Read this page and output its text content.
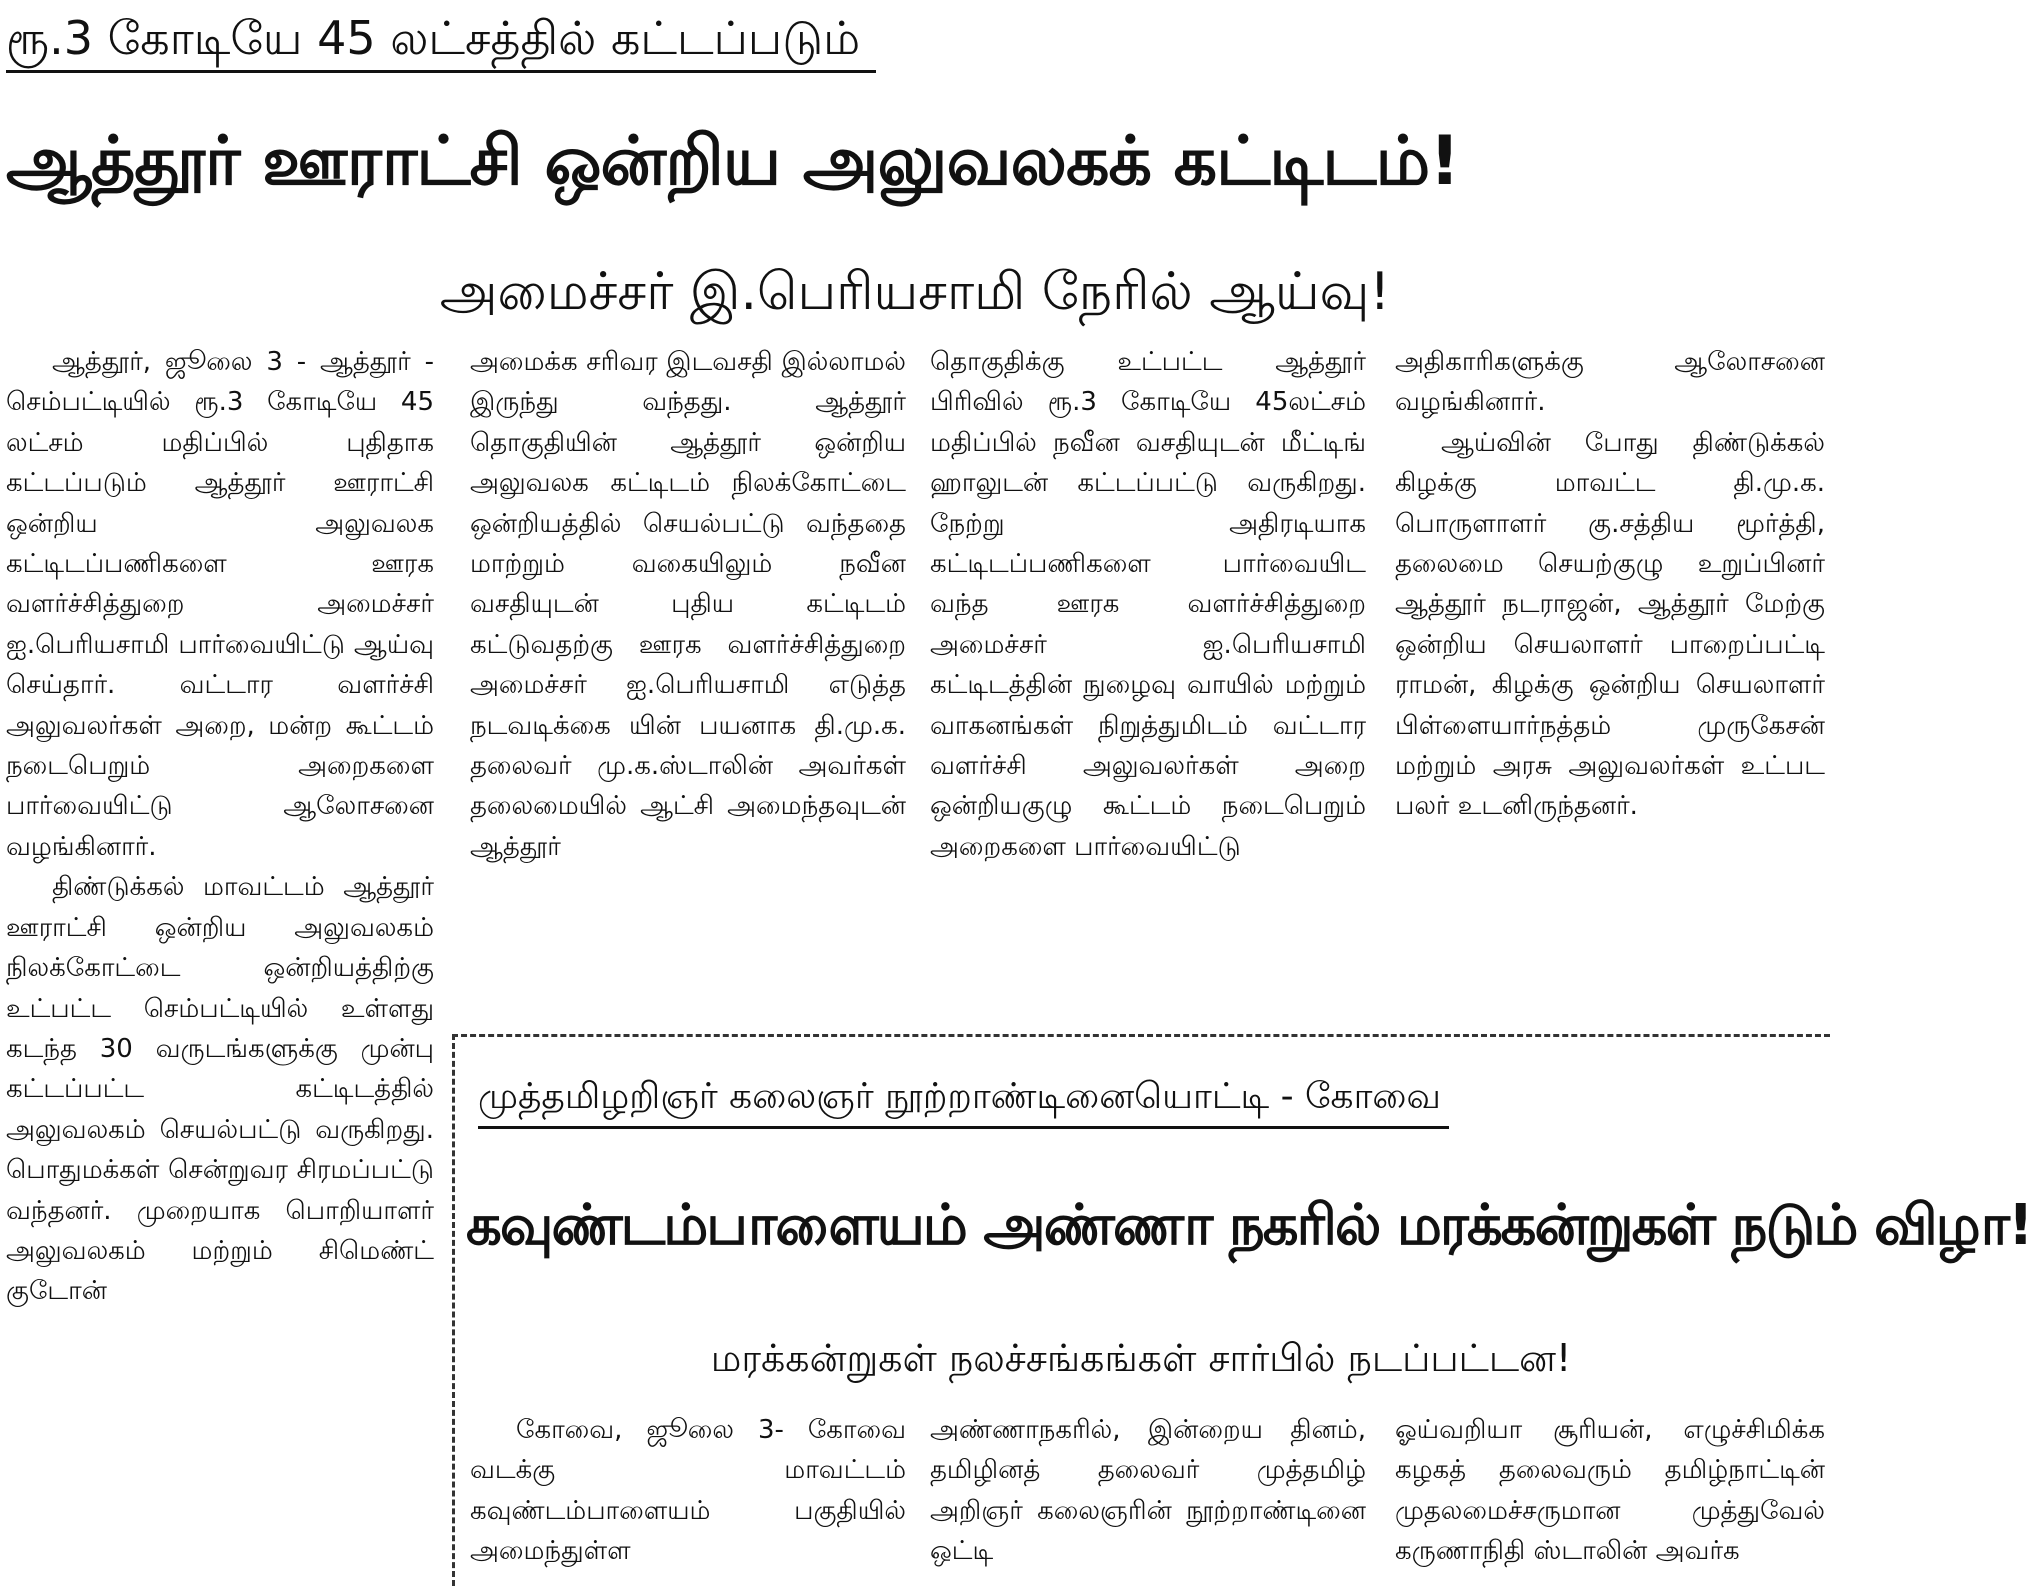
ரூ.3 கோடியே 45 லட்சத்தில் கட்டப்படும்
ஆத்தூர் ஊராட்சி ஒன்றிய அலுவலகக் கட்டிடம்!
அமைச்சர் இ.பெரியசாமி நேரில் ஆய்வு!

ஆத்தூர், ஜூலை 3 - ஆத்தூர் - செம்பட்டியில் ரூ.3 கோடியே 45 லட்சம் மதிப்பில் புதிதாக கட்டப்படும் ஆத்தூர் ஊராட்சி ஒன்றிய அலுவலக கட்டிடப்பணிகளை ஊரக வளர்ச்சித்துறை அமைச்சர் ஐ.பெரியசாமி பார்வையிட்டு ஆய்வு செய்தார். வட்டார வளர்ச்சி அலுவலர்கள் அறை, மன்ற கூட்டம் நடைபெறும் அறைகளை பார்வையிட்டு ஆலோசனை வழங்கினார்.

திண்டுக்கல் மாவட்டம் ஆத்தூர் ஊராட்சி ஒன்றிய அலுவலகம் நிலக்கோட்டை ஒன்றியத்திற்கு உட்பட்ட செம்பட்டியில் உள்ளது கடந்த 30 வருடங்களுக்கு முன்பு கட்டப்பட்ட கட்டிடத்தில் அலுவலகம் செயல்பட்டு வருகிறது. பொதுமக்கள் சென்றுவர சிரமப்பட்டு வந்தனர். முறையாக பொறியாளர் அலுவலகம் மற்றும் சிமெண்ட் குடோன்

அமைக்க சரிவர இடவசதி இல்லாமல் இருந்து வந்தது. ஆத்தூர் தொகுதியின் ஆத்தூர் ஒன்றிய அலுவலக கட்டிடம் நிலக்கோட்டை ஒன்றியத்தில் செயல்பட்டு வந்ததை மாற்றும் வகையிலும் நவீன வசதியுடன் புதிய கட்டிடம் கட்டுவதற்கு ஊரக வளர்ச்சித்துறை அமைச்சர் ஐ.பெரியசாமி எடுத்த நடவடிக்கை யின் பயனாக தி.மு.க. தலைவர் மு.க.ஸ்டாலின் அவர்கள் தலைமையில் ஆட்சி அமைந்தவுடன் ஆத்தூர்

தொகுதிக்கு உட்பட்ட ஆத்தூர் பிரிவில் ரூ.3 கோடியே 45லட்சம் மதிப்பில் நவீன வசதியுடன் மீட்டிங் ஹாலுடன் கட்டப்பட்டு வருகிறது. நேற்று அதிரடியாக கட்டிடப்பணிகளை பார்வையிட வந்த ஊரக வளர்ச்சித்துறை அமைச்சர் ஐ.பெரியசாமி கட்டிடத்தின் நுழைவு வாயில் மற்றும் வாகனங்கள் நிறுத்துமிடம் வட்டார வளர்ச்சி அலுவலர்கள் அறை ஒன்றியகுழு கூட்டம் நடைபெறும் அறைகளை பார்வையிட்டு

அதிகாரிகளுக்கு ஆலோசனை வழங்கினார்.

ஆய்வின் போது திண்டுக்கல் கிழக்கு மாவட்ட தி.மு.க. பொருளாளர் கு.சத்திய மூர்த்தி, தலைமை செயற்குழு உறுப்பினர் ஆத்தூர் நடராஜன், ஆத்தூர் மேற்கு ஒன்றிய செயலாளர் பாறைப்பட்டி ராமன், கிழக்கு ஒன்றிய செயலாளர் பிள்ளையார்நத்தம் முருகேசன் மற்றும் அரசு அலுவலர்கள் உட்பட பலர் உடனிருந்தனர்.

முத்தமிழறிஞர் கலைஞர் நூற்றாண்டினையொட்டி - கோவை
கவுண்டம்பாளையம் அண்ணா நகரில் மரக்கன்றுகள் நடும் விழா!
மரக்கன்றுகள் நலச்சங்கங்கள் சார்பில் நடப்பட்டன!

கோவை, ஜூலை 3- கோவை வடக்கு மாவட்டம் கவுண்டம்பாளையம் பகுதியில் அமைந்துள்ள

அண்ணாநகரில், இன்றைய தினம், தமிழினத் தலைவர் முத்தமிழ் அறிஞர் கலைஞரின் நூற்றாண்டினை ஒட்டி

ஓய்வறியா சூரியன், எழுச்சிமிக்க கழகத் தலைவரும் தமிழ்நாட்டின் முதலமைச்சருமான முத்துவேல் கருணாநிதி ஸ்டாலின் அவர்க
